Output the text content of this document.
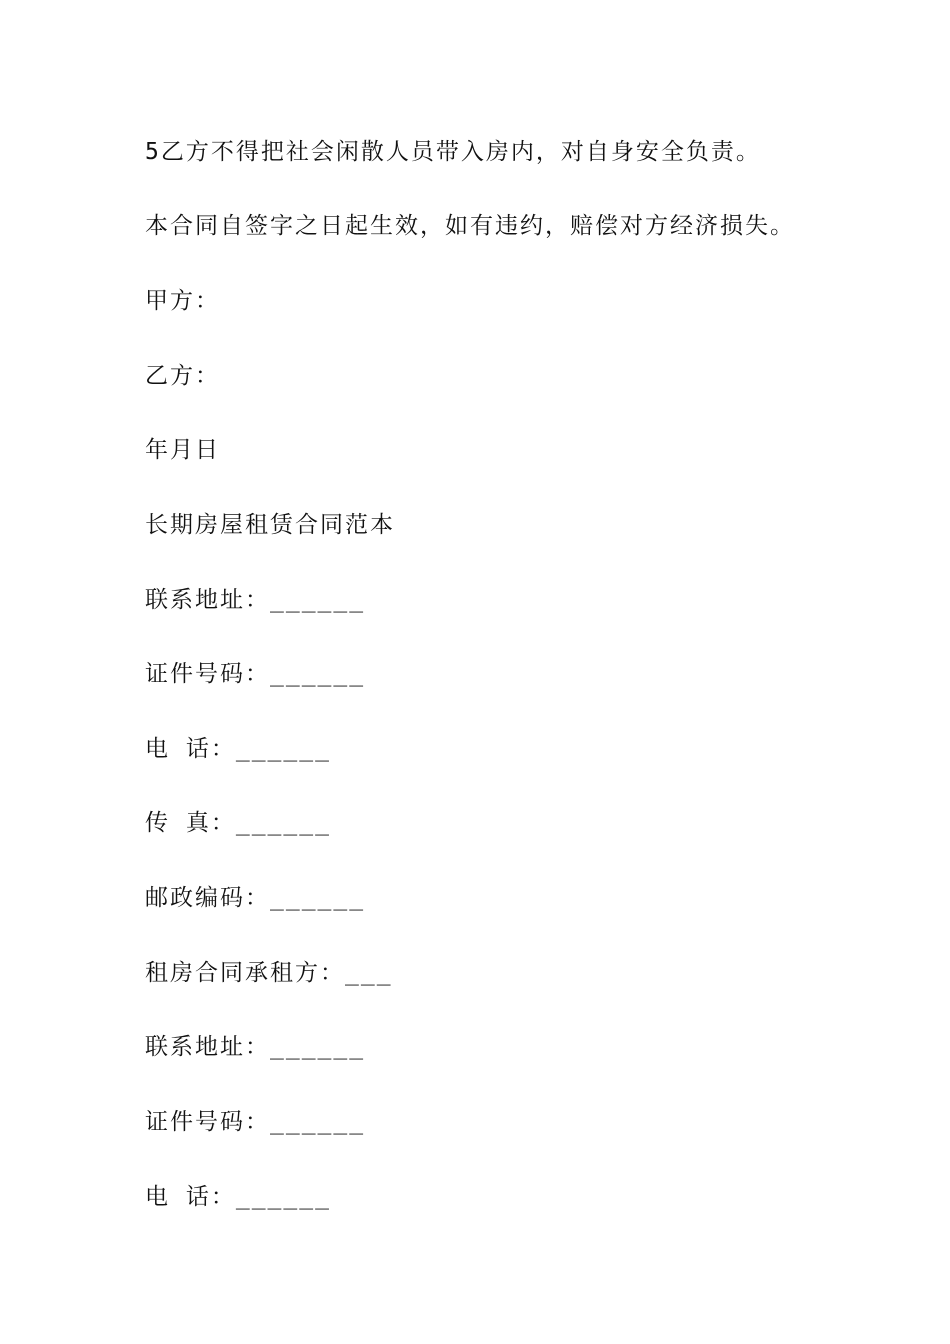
5乙方不得把社会闲散人员带入房内，对自身安全负责。
本合同自签字之日起生效，如有违约，赔偿对方经济损失。
甲方：
乙方：
年月日
长期房屋租赁合同范本
联系地址：______
证件号码：______
电 话：______
传 真：______
邮政编码：______
租房合同承租方：___
联系地址：______
证件号码：______
电 话：______
